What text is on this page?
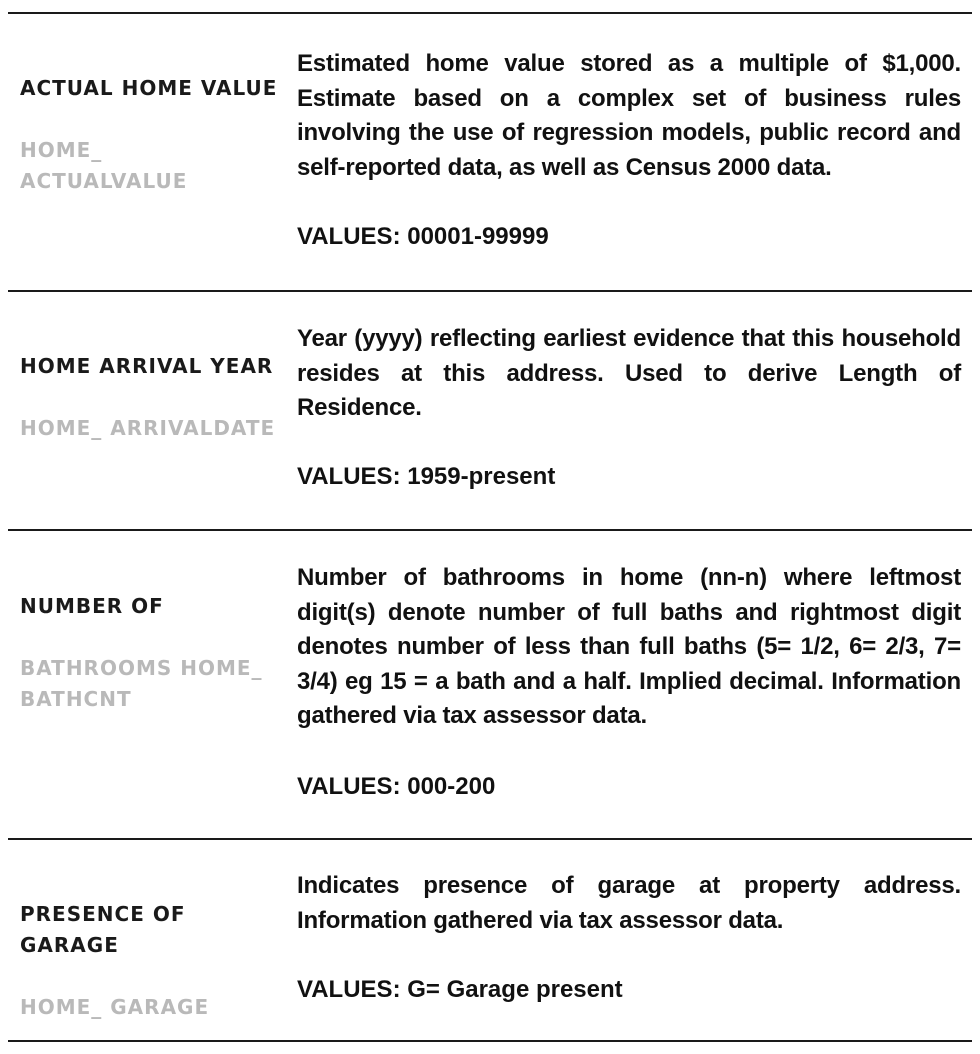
ACTUAL HOME VALUE

HOME_
ACTUALVALUE

Estimated home value stored as a multiple of $1,000. Estimate based on a complex set of business rules involving the use of regression models, public record and self-reported data, as well as Census 2000 data.

VALUES: 00001-99999

HOME ARRIVAL YEAR

HOME_ ARRIVALDATE

Year (yyyy) reflecting earliest evidence that this household resides at this address. Used to derive Length of Residence.

VALUES: 1959-present

NUMBER OF

BATHROOMS HOME_
BATHCNT

Number of bathrooms in home (nn-n) where leftmost digit(s) denote number of full baths and rightmost digit denotes number of less than full baths (5= 1/2, 6= 2/3, 7= 3/4) eg 15 = a bath and a half. Implied decimal. Information gathered via tax assessor data.

VALUES: 000-200

PRESENCE OF
GARAGE

HOME_ GARAGE

Indicates presence of garage at property address. Information gathered via tax assessor data.

VALUES: G= Garage present
